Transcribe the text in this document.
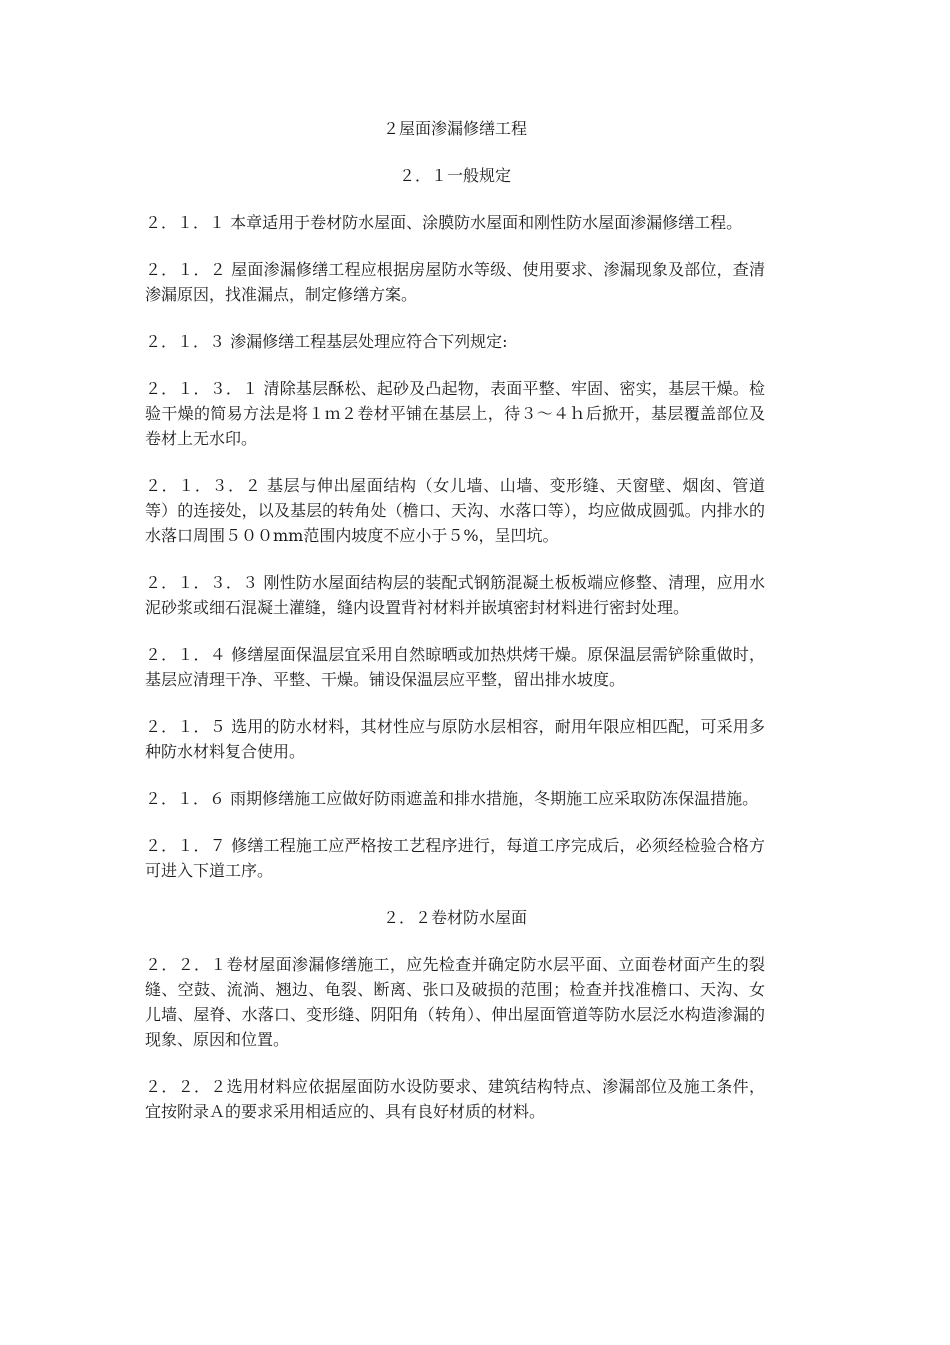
２屋面渗漏修缮工程
２．１一般规定

２．１．１ 本章适用于卷材防水屋面、涂膜防水屋面和刚性防水屋面渗漏修缮工程。

２．１．２ 屋面渗漏修缮工程应根据房屋防水等级、使用要求、渗漏现象及部位，查清渗漏原因，找准漏点，制定修缮方案。

２．１．３ 渗漏修缮工程基层处理应符合下列规定:

２．１．３．１ 清除基层酥松、起砂及凸起物，表面平整、牢固、密实，基层干燥。检验干燥的简易方法是将１ｍ２卷材平铺在基层上，待３～４ｈ后掀开，基层覆盖部位及卷材上无水印。

２．１．３．２ 基层与伸出屋面结构（女儿墙、山墙、变形缝、天窗壁、烟囱、管道等）的连接处，以及基层的转角处（檐口、天沟、水落口等），均应做成圆弧。内排水的水落口周围５００mm范围内坡度不应小于５%，呈凹坑。

２．１．３．３ 刚性防水屋面结构层的装配式钢筋混凝土板板端应修整、清理，应用水泥砂浆或细石混凝土灌缝，缝内设置背衬材料并嵌填密封材料进行密封处理。

２．１．４ 修缮屋面保温层宜采用自然晾晒或加热烘烤干燥。原保温层需铲除重做时，基层应清理干净、平整、干燥。铺设保温层应平整，留出排水坡度。

２．１．５ 选用的防水材料，其材性应与原防水层相容，耐用年限应相匹配，可采用多种防水材料复合使用。

２．１．６ 雨期修缮施工应做好防雨遮盖和排水措施，冬期施工应采取防冻保温措施。

２．１．７ 修缮工程施工应严格按工艺程序进行，每道工序完成后，必须经检验合格方可进入下道工序。

２．２卷材防水屋面

２．２．１卷材屋面渗漏修缮施工，应先检查并确定防水层平面、立面卷材面产生的裂缝、空鼓、流淌、翘边、龟裂、断离、张口及破损的范围；检查并找准檐口、天沟、女儿墙、屋脊、水落口、变形缝、阴阳角（转角）、伸出屋面管道等防水层泛水构造渗漏的现象、原因和位置。

２．２．２选用材料应依据屋面防水设防要求、建筑结构特点、渗漏部位及施工条件，宜按附录Ａ的要求采用相适应的、具有良好材质的材料。
